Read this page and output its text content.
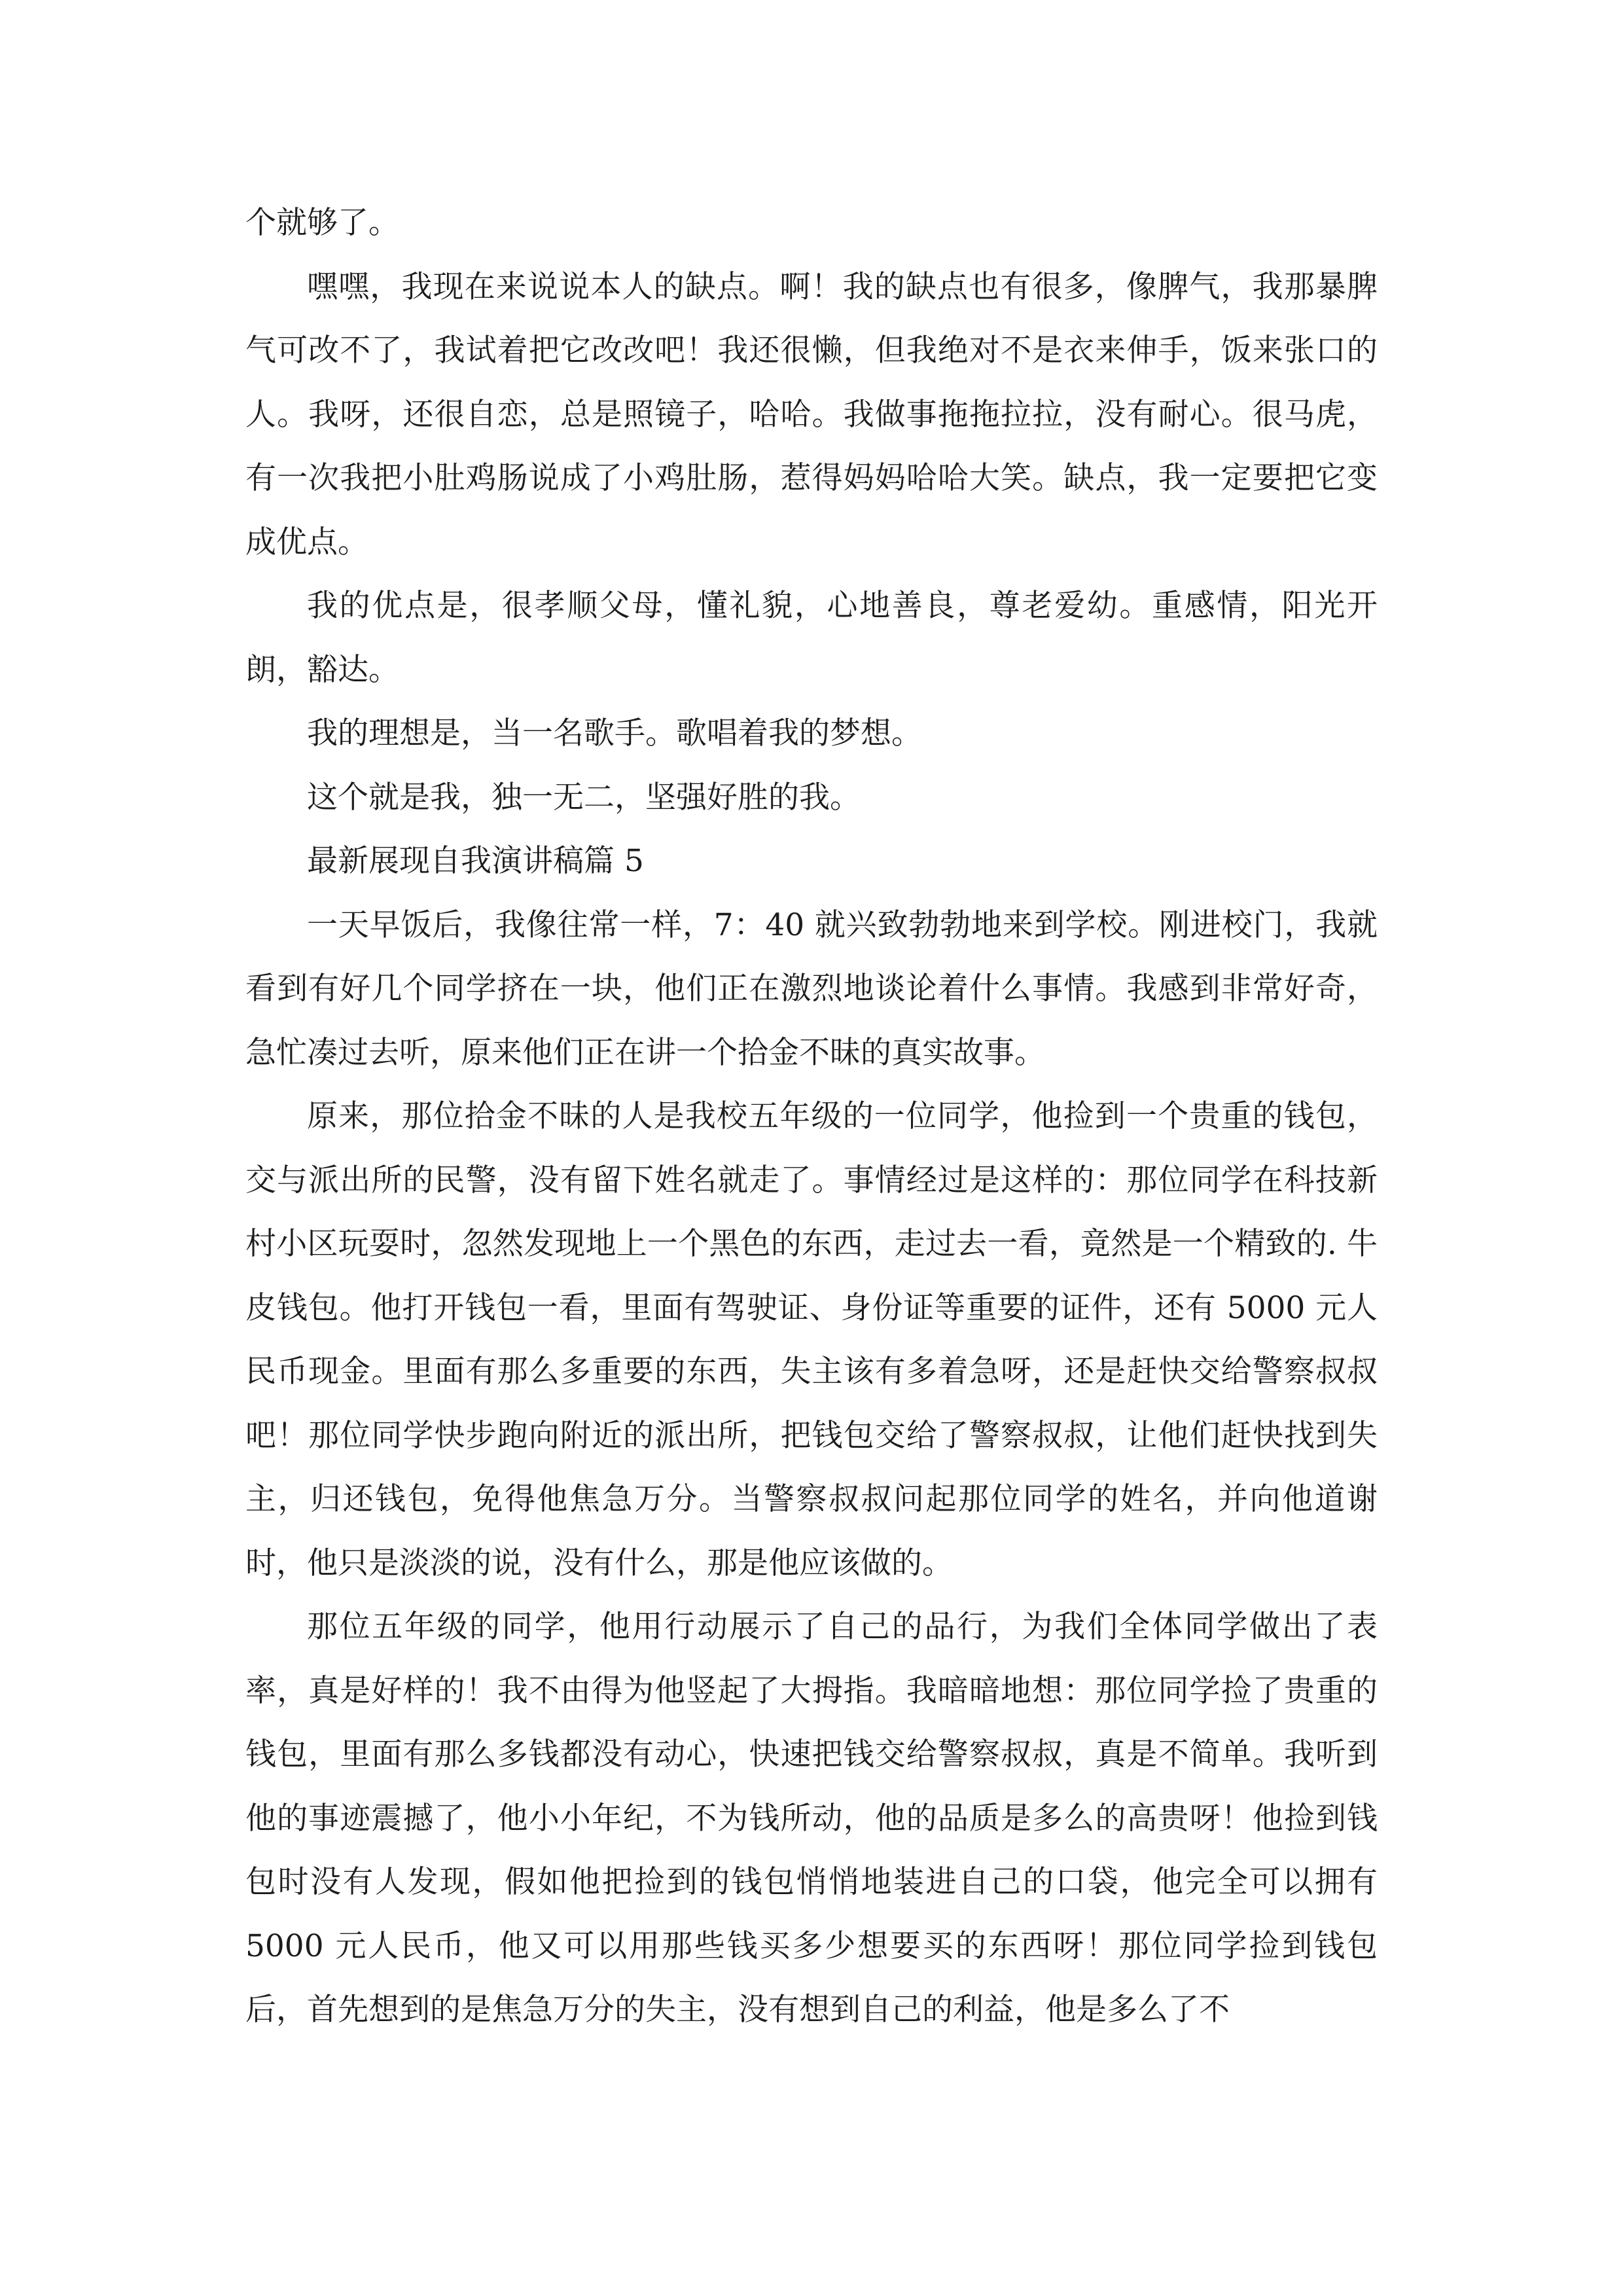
个就够了。

嘿嘿，我现在来说说本人的缺点。啊！我的缺点也有很多，像脾气，我那暴脾气可改不了，我试着把它改改吧！我还很懒，但我绝对不是衣来伸手，饭来张口的人。我呀，还很自恋，总是照镜子，哈哈。我做事拖拖拉拉，没有耐心。很马虎，有一次我把小肚鸡肠说成了小鸡肚肠，惹得妈妈哈哈大笑。缺点，我一定要把它变成优点。

我的优点是，很孝顺父母，懂礼貌，心地善良，尊老爱幼。重感情，阳光开朗，豁达。

我的理想是，当一名歌手。歌唱着我的梦想。

这个就是我，独一无二，坚强好胜的我。

最新展现自我演讲稿篇 5

一天早饭后，我像往常一样，7：40 就兴致勃勃地来到学校。刚进校门，我就看到有好几个同学挤在一块，他们正在激烈地谈论着什么事情。我感到非常好奇，急忙凑过去听，原来他们正在讲一个拾金不昧的真实故事。

原来，那位拾金不昧的人是我校五年级的一位同学，他捡到一个贵重的钱包，交与派出所的民警，没有留下姓名就走了。事情经过是这样的：那位同学在科技新村小区玩耍时，忽然发现地上一个黑色的东西，走过去一看，竟然是一个精致的. 牛皮钱包。他打开钱包一看，里面有驾驶证、身份证等重要的证件，还有 5000 元人民币现金。里面有那么多重要的东西，失主该有多着急呀，还是赶快交给警察叔叔吧！那位同学快步跑向附近的派出所，把钱包交给了警察叔叔，让他们赶快找到失主，归还钱包，免得他焦急万分。当警察叔叔问起那位同学的姓名，并向他道谢时，他只是淡淡的说，没有什么，那是他应该做的。

那位五年级的同学，他用行动展示了自己的品行，为我们全体同学做出了表率，真是好样的！我不由得为他竖起了大拇指。我暗暗地想：那位同学捡了贵重的钱包，里面有那么多钱都没有动心，快速把钱交给警察叔叔，真是不简单。我听到他的事迹震撼了，他小小年纪，不为钱所动，他的品质是多么的高贵呀！他捡到钱包时没有人发现，假如他把捡到的钱包悄悄地装进自己的口袋，他完全可以拥有 5000 元人民币，他又可以用那些钱买多少想要买的东西呀！那位同学捡到钱包后，首先想到的是焦急万分的失主，没有想到自己的利益，他是多么了不
